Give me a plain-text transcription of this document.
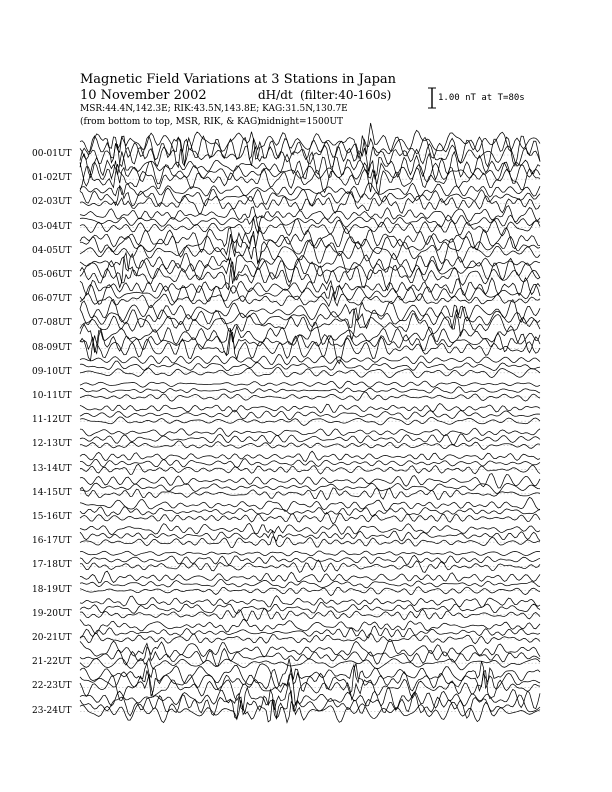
Magnetic Field Variations at 3 Stations in Japan
10 November 2002	dH/dt (filter:40-160s)
MSR:44.4N,142.3E; RIK:43.5N,143.8E; KAG:31.5N,130.7E
(from bottom to top, MSR, RIK, & KAG)
midnight=1500UT
1.00 nT at T=80s
00-01UT
01-02UT
02-03UT
03-04UT
04-05UT
05-06UT
06-07UT
07-08UT
08-09UT
09-10UT
10-11UT
11-12UT
12-13UT
13-14UT
14-15UT
15-16UT
16-17UT
17-18UT
18-19UT
19-20UT
20-21UT
21-22UT
22-23UT
23-24UT
